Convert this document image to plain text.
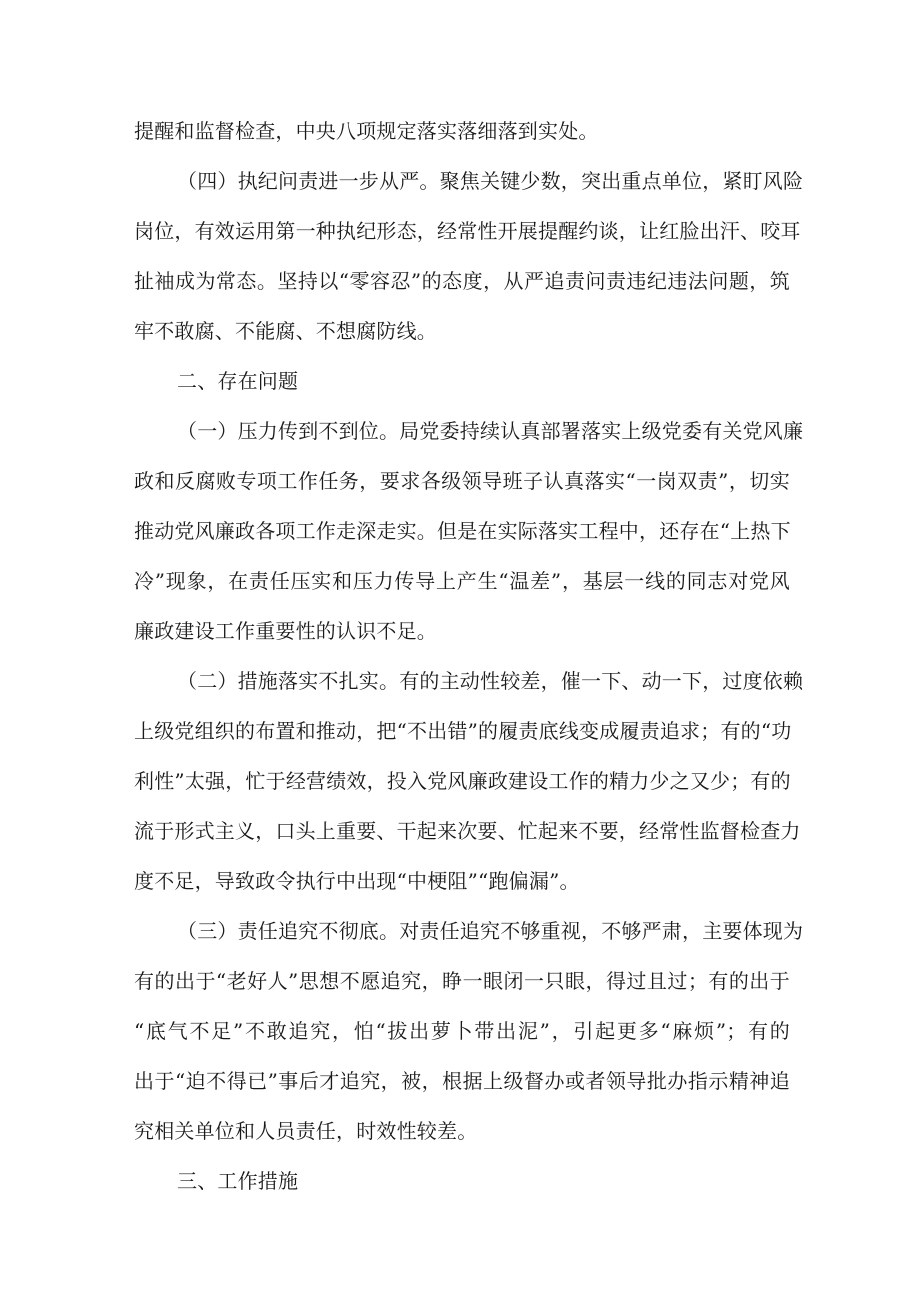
提醒和监督检查，中央八项规定落实落细落到实处。
（四）执纪问责进一步从严。聚焦关键少数，突出重点单位，紧盯风险
岗位，有效运用第一种执纪形态，经常性开展提醒约谈，让红脸出汗、咬耳
扯袖成为常态。坚持以“零容忍”的态度，从严追责问责违纪违法问题，筑
牢不敢腐、不能腐、不想腐防线。
二、存在问题
（一）压力传到不到位。局党委持续认真部署落实上级党委有关党风廉
政和反腐败专项工作任务，要求各级领导班子认真落实“一岗双责”，切实
推动党风廉政各项工作走深走实。但是在实际落实工程中，还存在“上热下
冷”现象，在责任压实和压力传导上产生“温差”，基层一线的同志对党风
廉政建设工作重要性的认识不足。
（二）措施落实不扎实。有的主动性较差，催一下、动一下，过度依赖
上级党组织的布置和推动，把“不出错”的履责底线变成履责追求；有的“功
利性”太强，忙于经营绩效，投入党风廉政建设工作的精力少之又少；有的
流于形式主义，口头上重要、干起来次要、忙起来不要，经常性监督检查力
度不足，导致政令执行中出现“中梗阻”“跑偏漏”。
（三）责任追究不彻底。对责任追究不够重视，不够严肃，主要体现为
有的出于“老好人”思想不愿追究，睁一眼闭一只眼，得过且过；有的出于
“底气不足”不敢追究，怕“拔出萝卜带出泥”，引起更多“麻烦”；有的
出于“迫不得已”事后才追究，被，根据上级督办或者领导批办指示精神追
究相关单位和人员责任，时效性较差。
三、工作措施
